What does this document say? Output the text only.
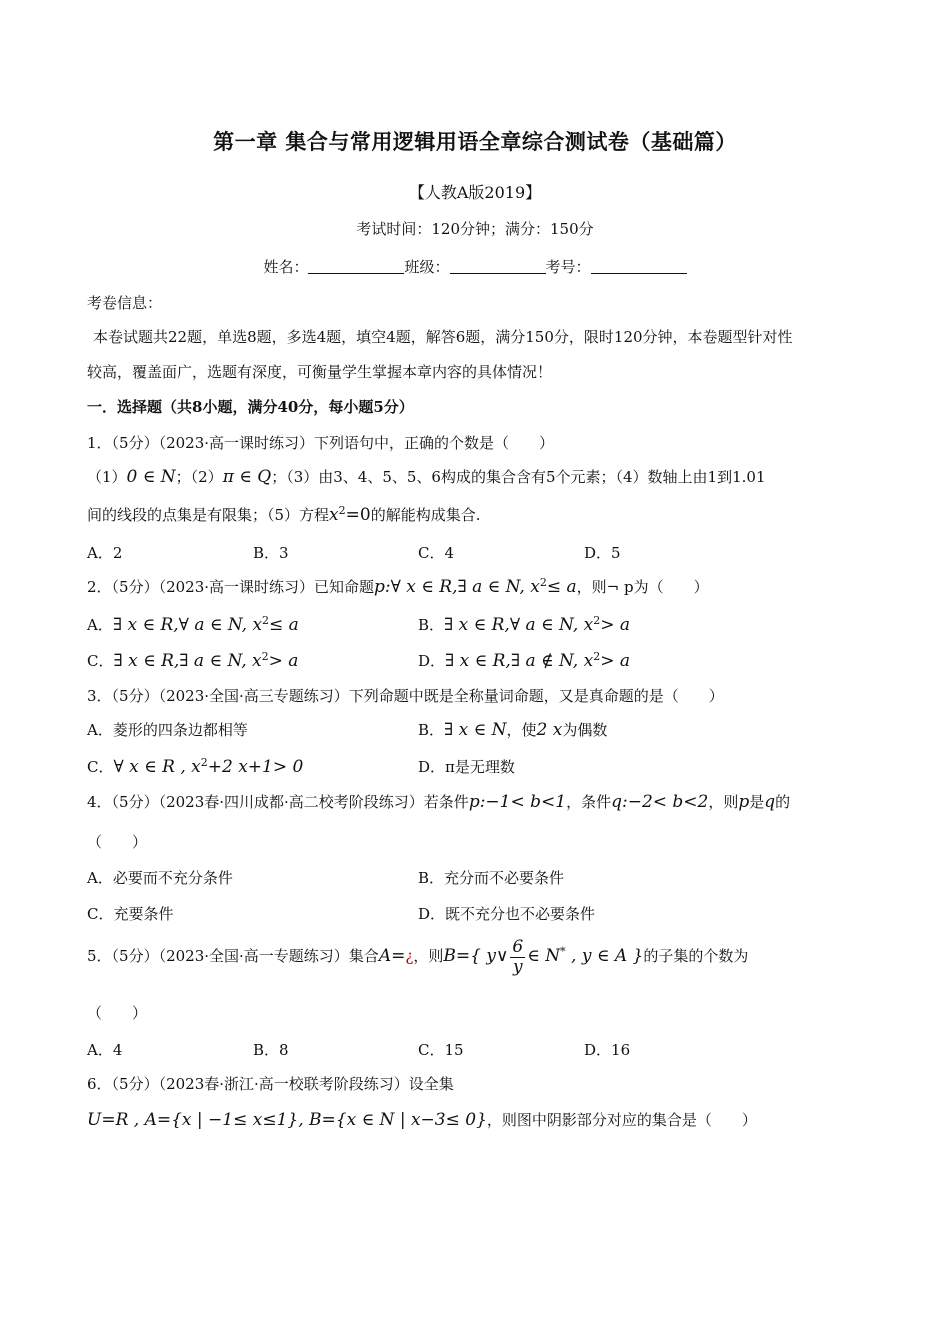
第一章 集合与常用逻辑用语全章综合测试卷（基础篇）
【人教A版2019】
考试时间：120分钟；满分：150分
姓名：	班级：	考号：
考卷信息：
本卷试题共22题，单选8题，多选4题，填空4题，解答6题，满分150分，限时120分钟，本卷题型针对性
较高，覆盖面广，选题有深度，可衡量学生掌握本章内容的具体情况！
一．选择题（共8小题，满分40分，每小题5分）
1．（5分）（2023·高一课时练习）下列语句中，正确的个数是（　　）
（1）0 ∈ N；（2）π ∈ Q；（3）由3、4、5、5、6构成的集合含有5个元素；（4）数轴上由1到1.01
间的线段的点集是有限集；（5）方程$x^2=0$的解能构成集合.
A．2	B．3	C．4	D．5
2．（5分）（2023·高一课时练习）已知命题p:∀ x ∈ R,∃ a ∈ N, $x^2\le a$，则¬ p为（　　）
A．∃ x ∈ R,∀ a ∈ N, $x^2\le a$	B．∃ x ∈ R,∀ a ∈ N, $x^2> a$
C．∃ x ∈ R,∃ a ∈ N, $x^2> a$	D．∃ x ∈ R,∃ a ∉ N, $x^2> a$
3．（5分）（2023·全国·高三专题练习）下列命题中既是全称量词命题，又是真命题的是（　　）
A．菱形的四条边都相等	B．∃ x ∈ N，使2 x为偶数
C．∀ x ∈ R , $x^2+2$ x+1> 0	D．π是无理数
4．（5分）（2023春·四川成都·高二校考阶段练习）若条件p:−1< b<1，条件q:−2< b<2，则p是q的
（　　）
A．必要而不充分条件	B．充分而不必要条件
C．充要条件	D．既不充分也不必要条件
5．（5分）（2023·全国·高一专题练习）集合A=¿，则B={ y∨ $\frac{6}{y}$ ∈ N* , y ∈ A }的子集的个数为
（　　）
A．4	B．8	C．15	D．16
6．（5分）（2023春·浙江·高一校联考阶段练习）设全集
U=R , A={x | −1≤ x≤1}, B={x ∈ N | x−3≤ 0}，则图中阴影部分对应的集合是（　　）
